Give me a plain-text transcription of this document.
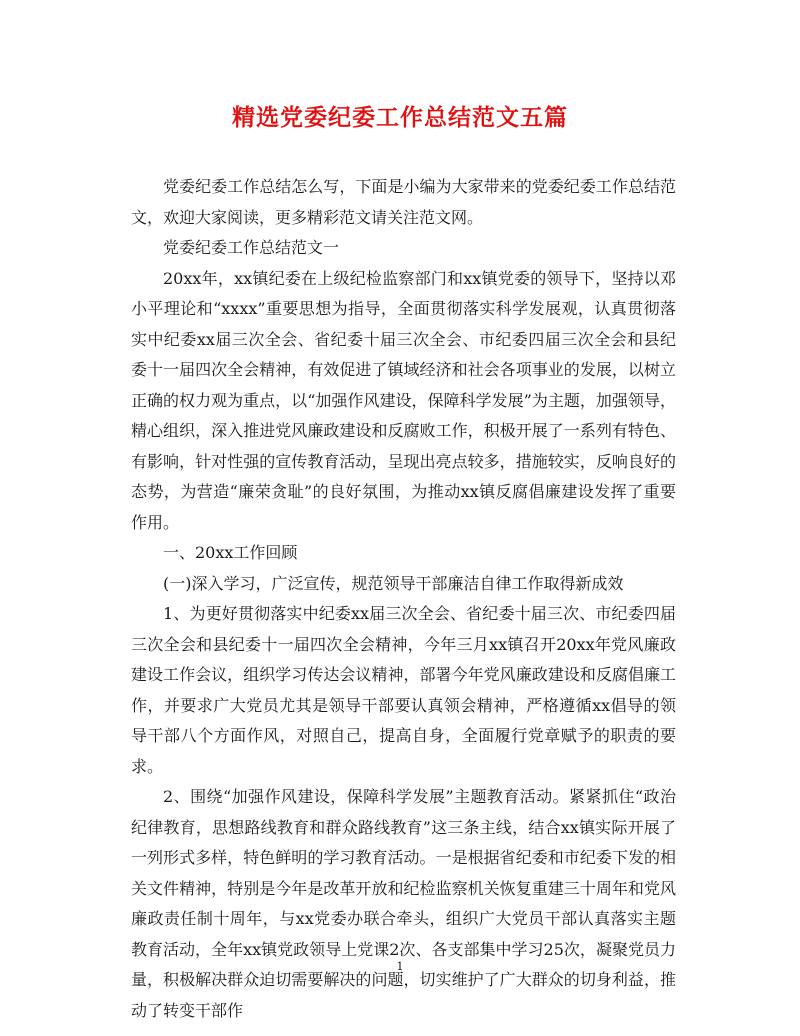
精选党委纪委工作总结范文五篇

党委纪委工作总结怎么写，下面是小编为大家带来的党委纪委工作总结范文，欢迎大家阅读，更多精彩范文请关注范文网。

党委纪委工作总结范文一

20xx年，xx镇纪委在上级纪检监察部门和xx镇党委的领导下，坚持以邓小平理论和“xxxx”重要思想为指导，全面贯彻落实科学发展观，认真贯彻落实中纪委xx届三次全会、省纪委十届三次全会、市纪委四届三次全会和县纪委十一届四次全会精神，有效促进了镇域经济和社会各项事业的发展，以树立正确的权力观为重点，以“加强作风建设，保障科学发展”为主题，加强领导，精心组织，深入推进党风廉政建设和反腐败工作，积极开展了一系列有特色、有影响，针对性强的宣传教育活动，呈现出亮点较多，措施较实，反响良好的态势，为营造“廉荣贪耻”的良好氛围，为推动xx镇反腐倡廉建设发挥了重要作用。

一、20xx工作回顾

(一)深入学习，广泛宣传，规范领导干部廉洁自律工作取得新成效

1、为更好贯彻落实中纪委xx届三次全会、省纪委十届三次、市纪委四届三次全会和县纪委十一届四次全会精神，今年三月xx镇召开20xx年党风廉政建设工作会议，组织学习传达会议精神，部署今年党风廉政建设和反腐倡廉工作，并要求广大党员尤其是领导干部要认真领会精神，严格遵循xx倡导的领导干部八个方面作风，对照自己，提高自身，全面履行党章赋予的职责的要求。

2、围绕“加强作风建设，保障科学发展”主题教育活动。紧紧抓住“政治纪律教育，思想路线教育和群众路线教育”这三条主线，结合xx镇实际开展了一列形式多样，特色鲜明的学习教育活动。一是根据省纪委和市纪委下发的相关文件精神，特别是今年是改革开放和纪检监察机关恢复重建三十周年和党风廉政责任制十周年，与xx党委办联合牵头，组织广大党员干部认真落实主题教育活动，全年xx镇党政领导上党课2次、各支部集中学习25次，凝聚党员力量，积极解决群众迫切需要解决的问题，切实维护了广大群众的切身利益，推动了转变干部作

1
